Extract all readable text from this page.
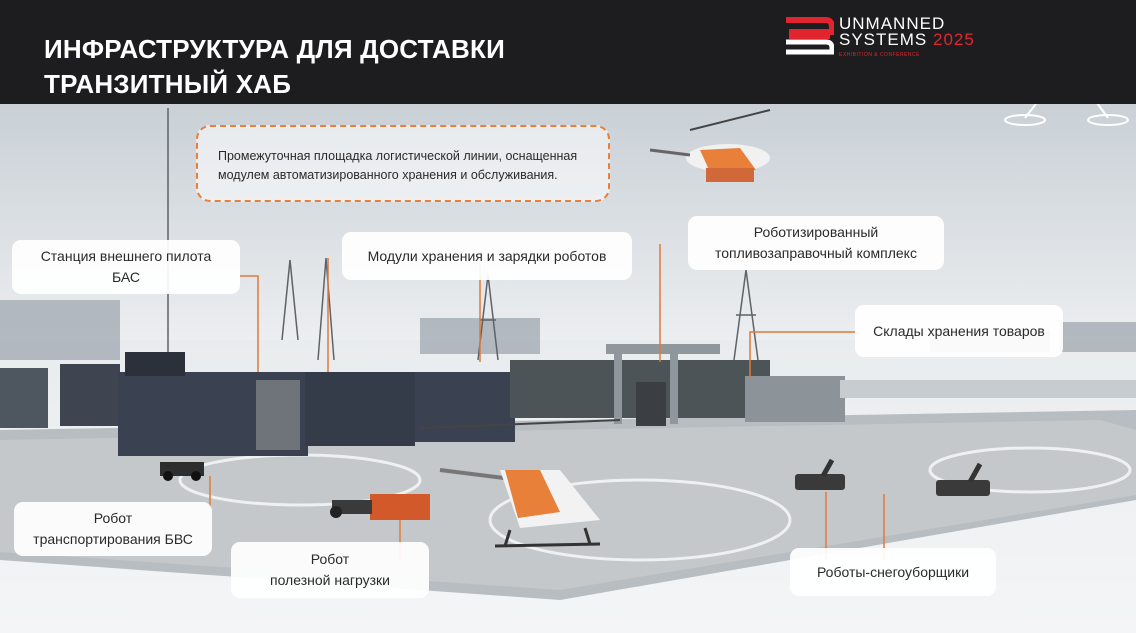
ИНФРАСТРУКТУРА ДЛЯ ДОСТАВКИ
ТРАНЗИТНЫЙ ХАБ
UNMANNED
SYSTEMS 2025
EXHIBITION & CONFERENCE
Промежуточная площадка логистической линии, оснащенная
модулем автоматизированного хранения и обслуживания.
Станция внешнего пилота
БАС
Модули хранения и зарядки роботов
Роботизированный
топливозаправочный комплекс
Склады хранения товаров
Робот
транспортирования БВС
Робот
полезной нагрузки
Роботы-снегоуборщики
